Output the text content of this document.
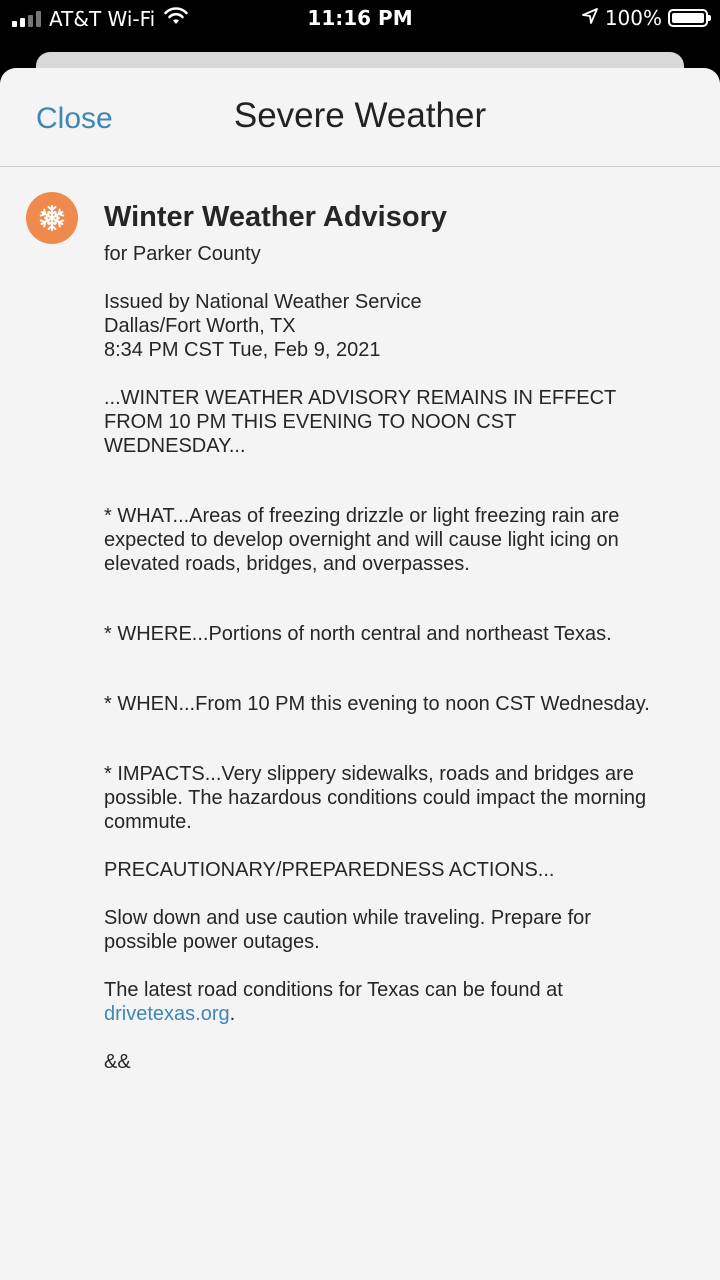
AT&T Wi-Fi	11:16 PM	100%
Close	Severe Weather
Winter Weather Advisory

for Parker County

Issued by National Weather Service
Dallas/Fort Worth, TX
8:34 PM CST Tue, Feb 9, 2021
...WINTER WEATHER ADVISORY REMAINS IN EFFECT
FROM 10 PM THIS EVENING TO NOON CST
WEDNESDAY...
* WHAT...Areas of freezing drizzle or light freezing rain are
expected to develop overnight and will cause light icing on
elevated roads, bridges, and overpasses.
* WHERE...Portions of north central and northeast Texas.
* WHEN...From 10 PM this evening to noon CST Wednesday.
* IMPACTS...Very slippery sidewalks, roads and bridges are
possible. The hazardous conditions could impact the morning
commute.
PRECAUTIONARY/PREPAREDNESS ACTIONS...
Slow down and use caution while traveling. Prepare for
possible power outages.
The latest road conditions for Texas can be found at
drivetexas.org.
&&
